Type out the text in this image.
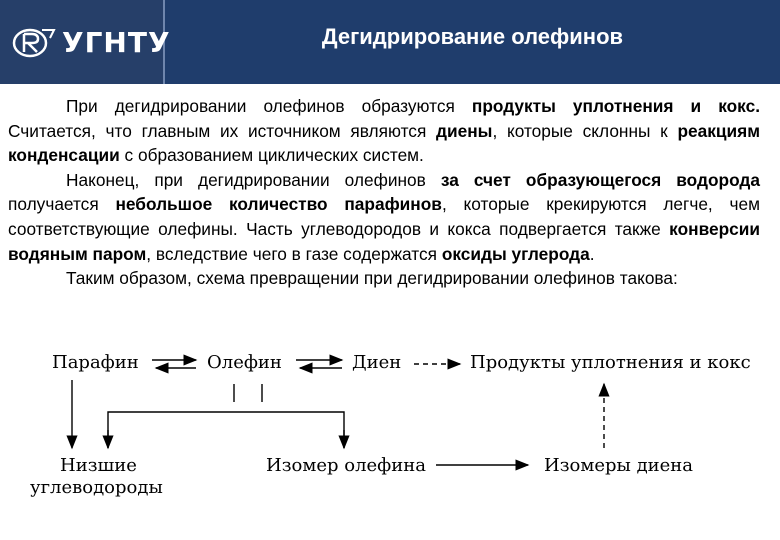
УГНТУ	Дегидрирование олефинов

При дегидрировании олефинов образуются продукты уплотнения и кокс. Считается, что главным их источником являются диены, которые склонны к реакциям конденсации с образованием циклических систем.

Наконец, при дегидрировании олефинов за счет образующегося водорода получается небольшое количество парафинов, которые крекируются легче, чем соответствующие олефины. Часть углеводородов и кокса подвергается также конверсии водяным паром, вследствие чего в газе содержатся оксиды углерода.

Таким образом, схема превращении при дегидрировании олефинов такова:

Парафин	Олефин	Диен	Продукты уплотнения и кокс
Низшие
углеводороды
Изомер олефина	Изомеры диена
